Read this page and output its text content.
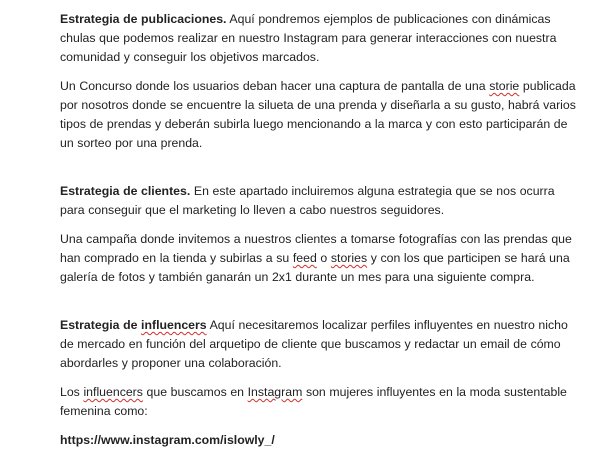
Estrategia de publicaciones. Aquí pondremos ejemplos de publicaciones con dinámicas chulas que podemos realizar en nuestro Instagram para generar interacciones con nuestra comunidad y conseguir los objetivos marcados.

Un Concurso donde los usuarios deban hacer una captura de pantalla de una storie publicada por nosotros donde se encuentre la silueta de una prenda y diseñarla a su gusto, habrá varios tipos de prendas y deberán subirla luego mencionando a la marca y con esto participarán de un sorteo por una prenda.

Estrategia de clientes. En este apartado incluiremos alguna estrategia que se nos ocurra para conseguir que el marketing lo lleven a cabo nuestros seguidores.

Una campaña donde invitemos a nuestros clientes a tomarse fotografías con las prendas que han comprado en la tienda y subirlas a su feed o stories y con los que participen se hará una galería de fotos y también ganarán un 2x1 durante un mes para una siguiente compra.

Estrategia de influencers Aquí necesitaremos localizar perfiles influyentes en nuestro nicho de mercado en función del arquetipo de cliente que buscamos y redactar un email de cómo abordarles y proponer una colaboración.

Los influencers que buscamos en Instagram son mujeres influyentes en la moda sustentable femenina como:

https://www.instagram.com/islowly_/
